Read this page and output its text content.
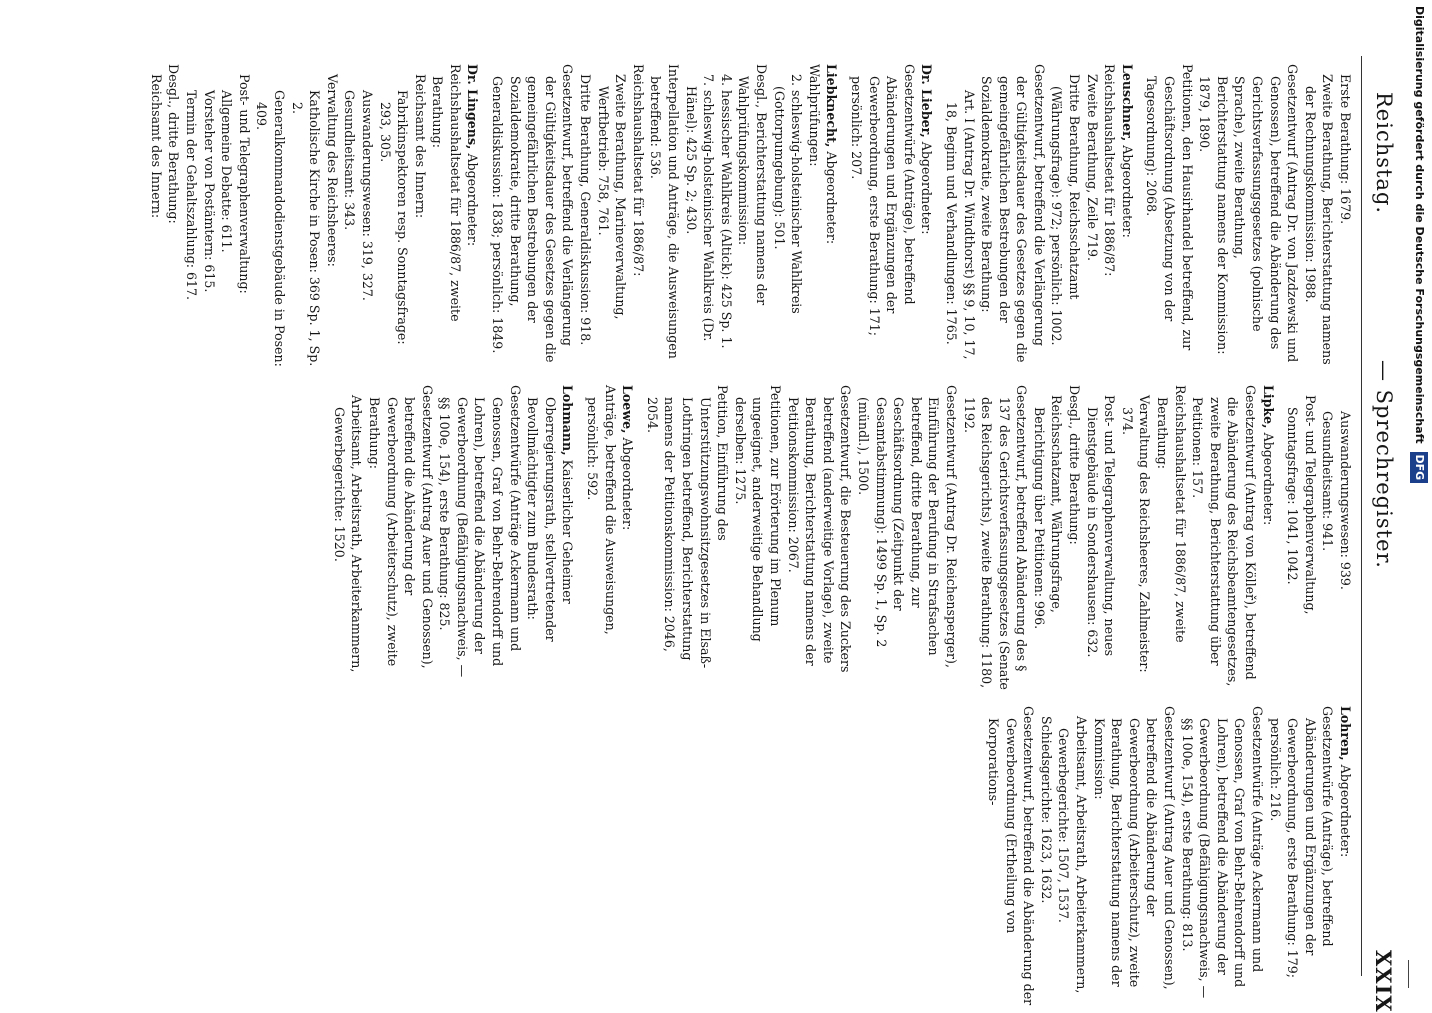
Reichstag.
— Sprechregister.
XXIX
Erste Berathung: 1679.
Zweite Berathung, Berichterstattung namens der Rechnungskommission: 1988.
Gesetzentwurf (Antrag Dr. von Jazdzewski und Genossen), betreffend die Abänderung des Gerichtsverfassungsgesetzes (polnische Sprache), zweite Berathung, Berichterstattung namens der Kommission: 1879, 1890.
Petitionen, den Hausirhandel betreffend, zur Geschäftsordnung (Absetzung von der Tagesordnung): 2068.
Leuschner, Abgeordneter:
Reichshaushaltsetat für 1886/87:
Zweite Berathung, Zeile 719.
Dritte Berathung, Reichsschatzamt (Währungsfrage): 972; persönlich: 1002.
Gesetzentwurf, betreffend die Verlängerung der Gültigkeitsdauer des Gesetzes gegen die gemeingefährlichen Bestrebungen der Sozialdemokratie, zweite Berathung:
Art. I (Antrag Dr. Windthorst) §§ 9, 10, 17, 18, Beginn und Verhandlungen: 1765.
Dr. Lieber, Abgeordneter:
Gesetzentwürfe (Anträge), betreffend Abänderungen und Ergänzungen der Gewerbeordnung, erste Berathung: 171; persönlich: 207.
Liebknecht, Abgeordneter:
Wahlprüfungen:
2. schleswig-holsteinischer Wahlkreis (Gottorpumgebung): 501.
Desgl., Berichterstattung namens der Wahlprüfungskommission:
4. hessischer Wahlkreis (Altick): 425 Sp. 1.
7. schleswig-holsteinischer Wahlkreis (Dr. Hänel): 425 Sp. 2; 430.
Interpellation und Anträge, die Ausweisungen betreffend: 536.
Reichshaushaltsetat für 1886/87:
Zweite Berathung, Marineverwaltung, Werftbetrieb: 758, 761.
Dritte Berathung, Generaldiskussion: 918.
Gesetzentwurf, betreffend die Verlängerung der Gültigkeitsdauer des Gesetzes gegen die gemeingefährlichen Bestrebungen der Sozialdemokratie, dritte Berathung, Generaldiskussion: 1838; persönlich: 1849.
Dr. Lingens, Abgeordneter:
Reichshaushaltsetat für 1886/87, zweite Berathung:
Reichsamt des Innern:
Fabrikinspektoren resp. Sonntagsfrage: 293, 305.
Auswanderungswesen: 319, 327.
Gesundheitsamt: 343.
Verwaltung des Reichsheeres:
Katholische Kirche in Posen: 369 Sp. 1, Sp. 2.
Generalkommandodienstgebäude in Posen: 409.
Post- und Telegraphenverwaltung:
Allgemeine Debatte: 611.
Vorsteher von Postämtern: 615.
Termin der Gehaltszahlung: 617.
Desgl., dritte Berathung:
Reichsamt des Innern:
Auswanderungswesen: 939.
Gesundheitsamt: 941.
Post- und Telegraphenverwaltung, Sonntagsfrage: 1041, 1042.
Lipke, Abgeordneter:
Gesetzentwurf (Antrag von Kölleř), betreffend die Abänderung des Reichsbeamtengesetzes, zweite Berathung, Berichterstattung über Petitionen: 157.
Reichshaushaltsetat für 1886/87, zweite Berathung:
Verwaltung des Reichsheeres, Zahlmeister: 374.
Post- und Telegraphenverwaltung, neues Dienstgebäude in Sondershausen: 632.
Desgl., dritte Berathung:
Reichsschatzamt, Währungsfrage, Berichtigung über Petitionen: 996.
Gesetzentwurf, betreffend Abänderung des § 137 des Gerichtsverfassungsgesetzes (Senate des Reichsgerichts), zweite Berathung: 1180, 1192.
Gesetzentwurf (Antrag Dr. Reichensperger), Einführung der Berufung in Strafsachen betreffend, dritte Berathung, zur Geschäftsordnung (Zeitpunkt der Gesamtabstimmung): 1499 Sp. 1, Sp. 2 (mündl.), 1500.
Gesetzentwurf, die Besteuerung des Zuckers betreffend (anderweitige Vorlage), zweite Berathung, Berichterstattung namens der Petitionskommission: 2067.
Petitionen, zur Erörterung im Plenum ungeeignet, anderweitige Behandlung derselben: 1275.
Petition, Einführung des Unterstützungswohnsitzgesetzes in Elsaß-Lothringen betreffend, Berichterstattung namens der Petitionskommission: 2046, 2054.
Loewe, Abgeordneter:
Anträge, betreffend die Ausweisungen, persönlich: 592.
Lohmann, Kaiserlicher Geheimer Oberregierungsrath, stellvertretender Bevollmächtigter zum Bundesrath:
Gesetzentwürfe (Anträge Ackermann und Genossen, Graf von Behr-Behrendorff und Lohren), betreffend die Abänderung der Gewerbeordnung (Befähigungsnachweis, — §§ 100e, 154), erste Berathung: 825.
Gesetzentwurf (Antrag Auer und Genossen), betreffend die Abänderung der Gewerbeordnung (Arbeiterschutz), zweite Berathung:
Arbeitsamt, Arbeitsrath, Arbeiterkammern, Gewerbegerichte: 1520.
Lohren, Abgeordneter:
Gesetzentwürfe (Anträge), betreffend Abänderungen und Ergänzungen der Gewerbeordnung, erste Berathung: 179; persönlich: 216.
Gesetzentwürfe (Anträge Ackermann und Genossen, Graf von Behr-Behrendorff und Lohren), betreffend die Abänderung der Gewerbeordnung (Befähigungsnachweis, — §§ 100e, 154), erste Berathung: 813.
Gesetzentwurf (Antrag Auer und Genossen), betreffend die Abänderung der Gewerbeordnung (Arbeiterschutz), zweite Berathung, Berichterstattung namens der Kommission:
Arbeitsamt, Arbeitsrath, Arbeiterkammern, Gewerbegerichte: 1507, 1537.
Schiedsgerichte: 1623, 1632.
Gesetzentwurf, betreffend die Abänderung der Gewerbeordnung (Ertheilung von Korporations-
Digitalisierung gefördert durch die Deutsche Forschungsgemeinschaft DFG
